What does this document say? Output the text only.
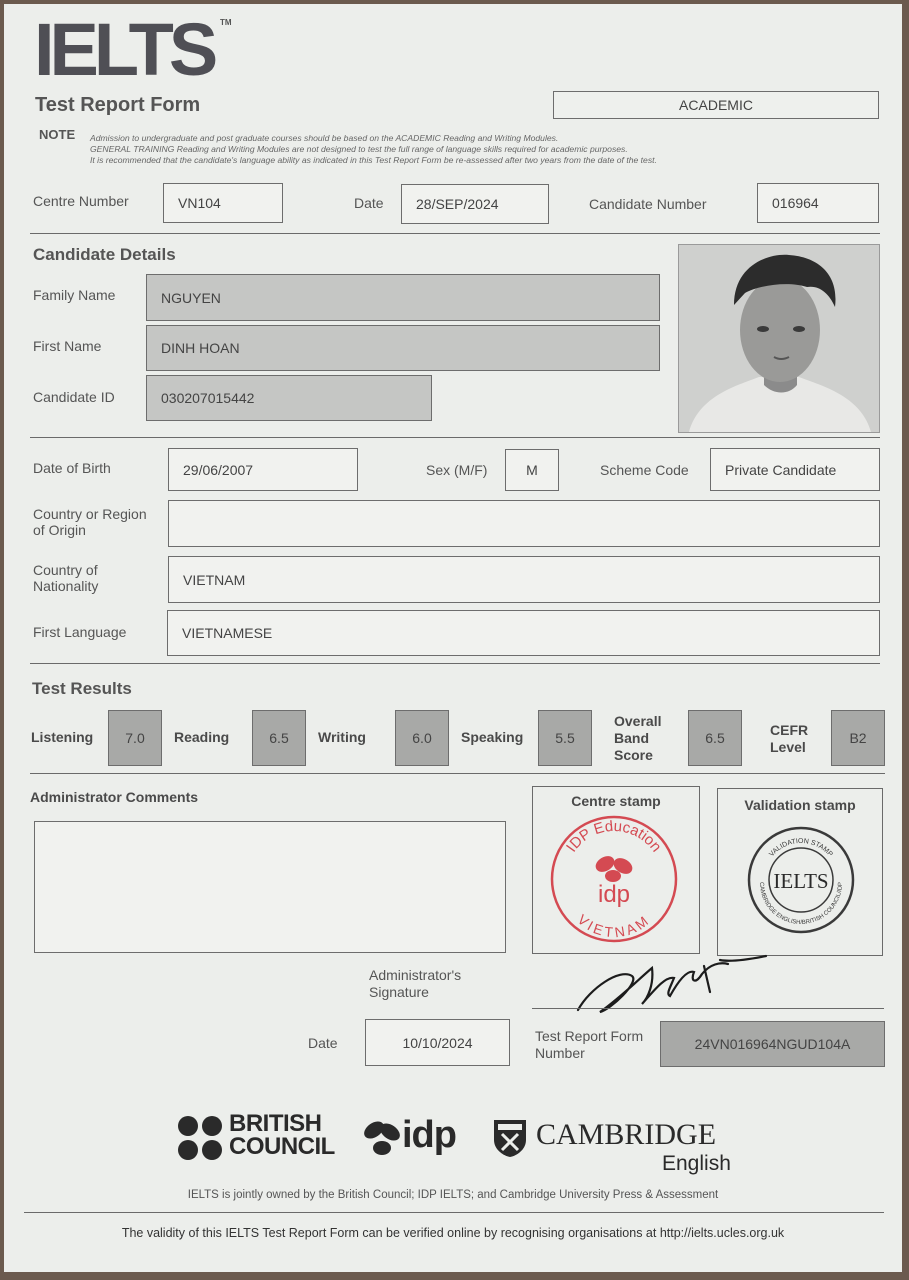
IELTS TM
Test Report Form	ACADEMIC
NOTE Admission to undergraduate and post graduate courses should be based on the ACADEMIC Reading and Writing Modules.
GENERAL TRAINING Reading and Writing Modules are not designed to test the full range of language skills required for academic purposes.
It is recommended that the candidate's language ability as indicated in this Test Report Form be re-assessed after two years from the date of the test.
Centre Number	VN104	Date 28/SEP/2024	Candidate Number	016964
Candidate Details
Family Name	NGUYEN
First Name	DINH HOAN
Candidate ID	030207015442
Date of Birth	29/06/2007	Sex (M/F)	M	Scheme Code	Private Candidate
Country or Region
of Origin
Country of
Nationality	VIETNAM
First Language	VIETNAMESE
Test Results
Listening 7.0 Reading	6.5 Writing	6.0 Speaking 5.5
Overall
Band
Score
6.5	CEFR
Level
B2
Administrator Comments	Centre stamp
IDP Education
VIETNAM
idp
Validation stamp
VALIDATION STAMP
CAMBRIDGE ENGLISH/BRITISH COUNCIL/IDP
IELTS
Administrator's
Signature
Date	10/10/2024	Test Report Form
Number
24VN016964NGUD104A
BRITISH
COUNCIL idp	CAMBRIDGE
English
IELTS is jointly owned by the British Council; IDP IELTS; and Cambridge University Press & Assessment
The validity of this IELTS Test Report Form can be verified online by recognising organisations at http://ielts.ucles.org.uk
